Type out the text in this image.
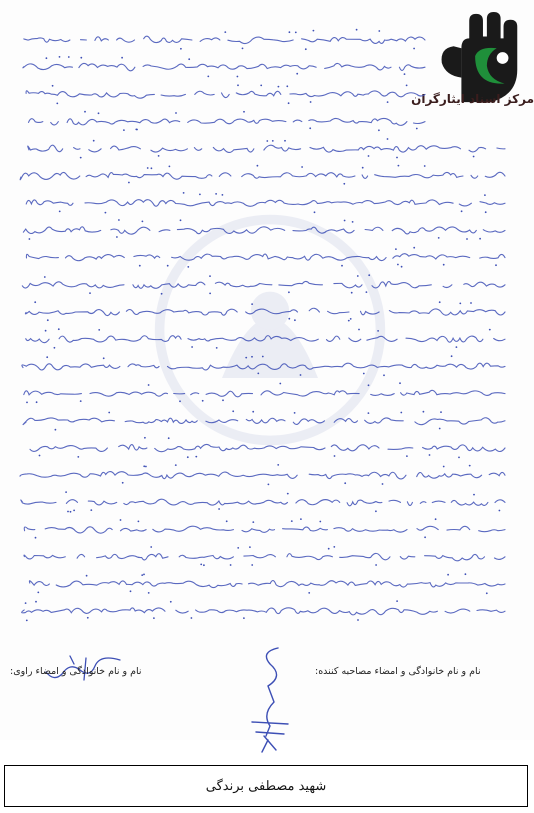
مرکز اسناد ایثارگران
نام و نام خانوادگی و امضاء مصاحبه کننده:
نام و نام خانوادگی و امضاء راوی:
شهید مصطفی برندگی
